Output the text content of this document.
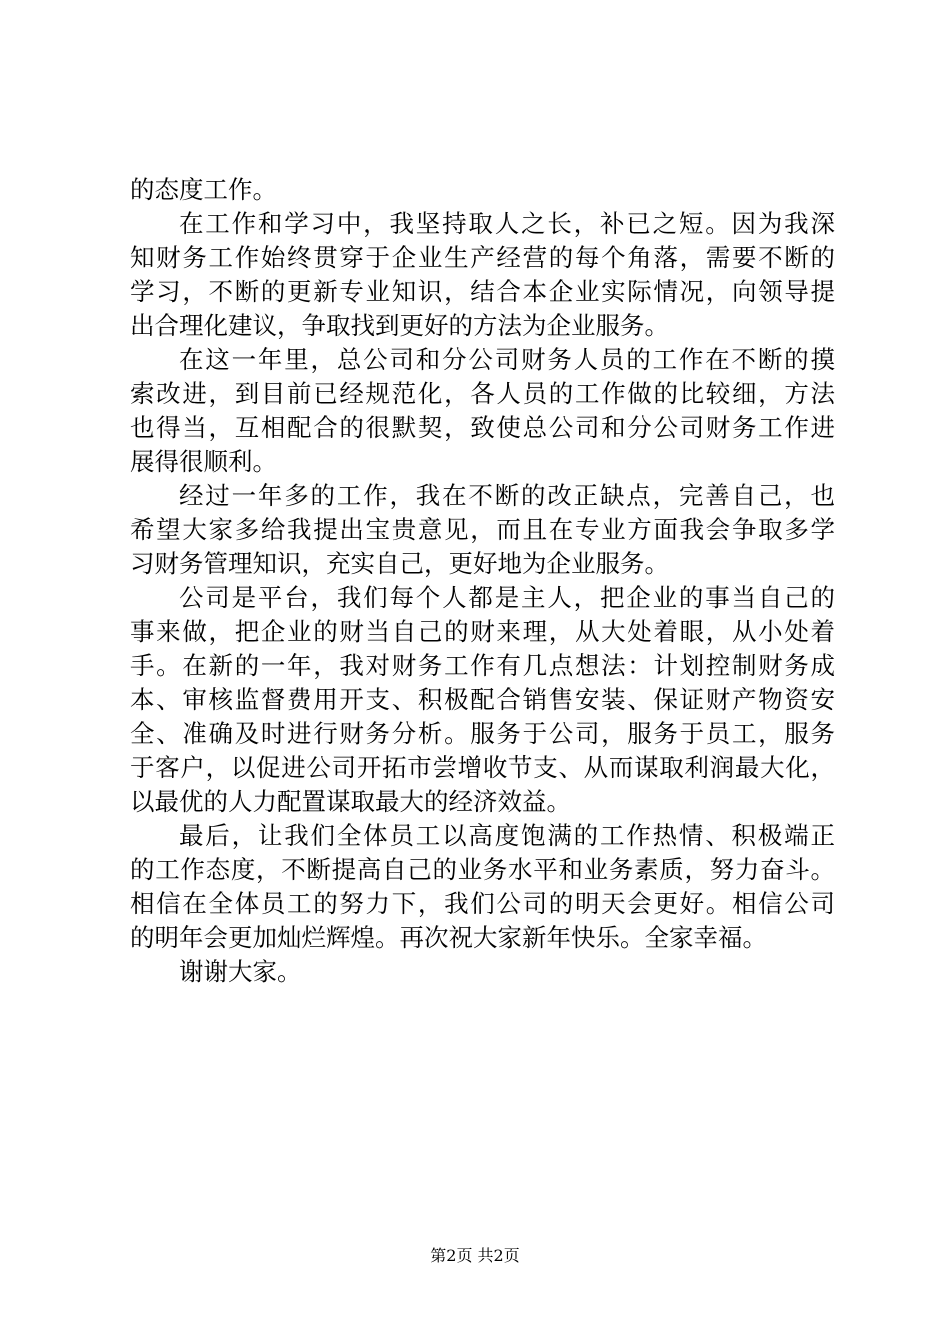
的态度工作。
在工作和学习中，我坚持取人之长，补已之短。因为我深
知财务工作始终贯穿于企业生产经营的每个角落，需要不断的
学习，不断的更新专业知识，结合本企业实际情况，向领导提
出合理化建议，争取找到更好的方法为企业服务。
在这一年里，总公司和分公司财务人员的工作在不断的摸
索改进，到目前已经规范化，各人员的工作做的比较细，方法
也得当，互相配合的很默契，致使总公司和分公司财务工作进
展得很顺利。
经过一年多的工作，我在不断的改正缺点，完善自己，也
希望大家多给我提出宝贵意见，而且在专业方面我会争取多学
习财务管理知识，充实自己，更好地为企业服务。
公司是平台，我们每个人都是主人，把企业的事当自己的
事来做，把企业的财当自己的财来理，从大处着眼，从小处着
手。在新的一年，我对财务工作有几点想法：计划控制财务成
本、审核监督费用开支、积极配合销售安装、保证财产物资安
全、准确及时进行财务分析。服务于公司，服务于员工，服务
于客户，以促进公司开拓市尝增收节支、从而谋取利润最大化，
以最优的人力配置谋取最大的经济效益。
最后，让我们全体员工以高度饱满的工作热情、积极端正
的工作态度，不断提高自己的业务水平和业务素质，努力奋斗。
相信在全体员工的努力下，我们公司的明天会更好。相信公司
的明年会更加灿烂辉煌。再次祝大家新年快乐。全家幸福。
谢谢大家。
第2页 共2页
